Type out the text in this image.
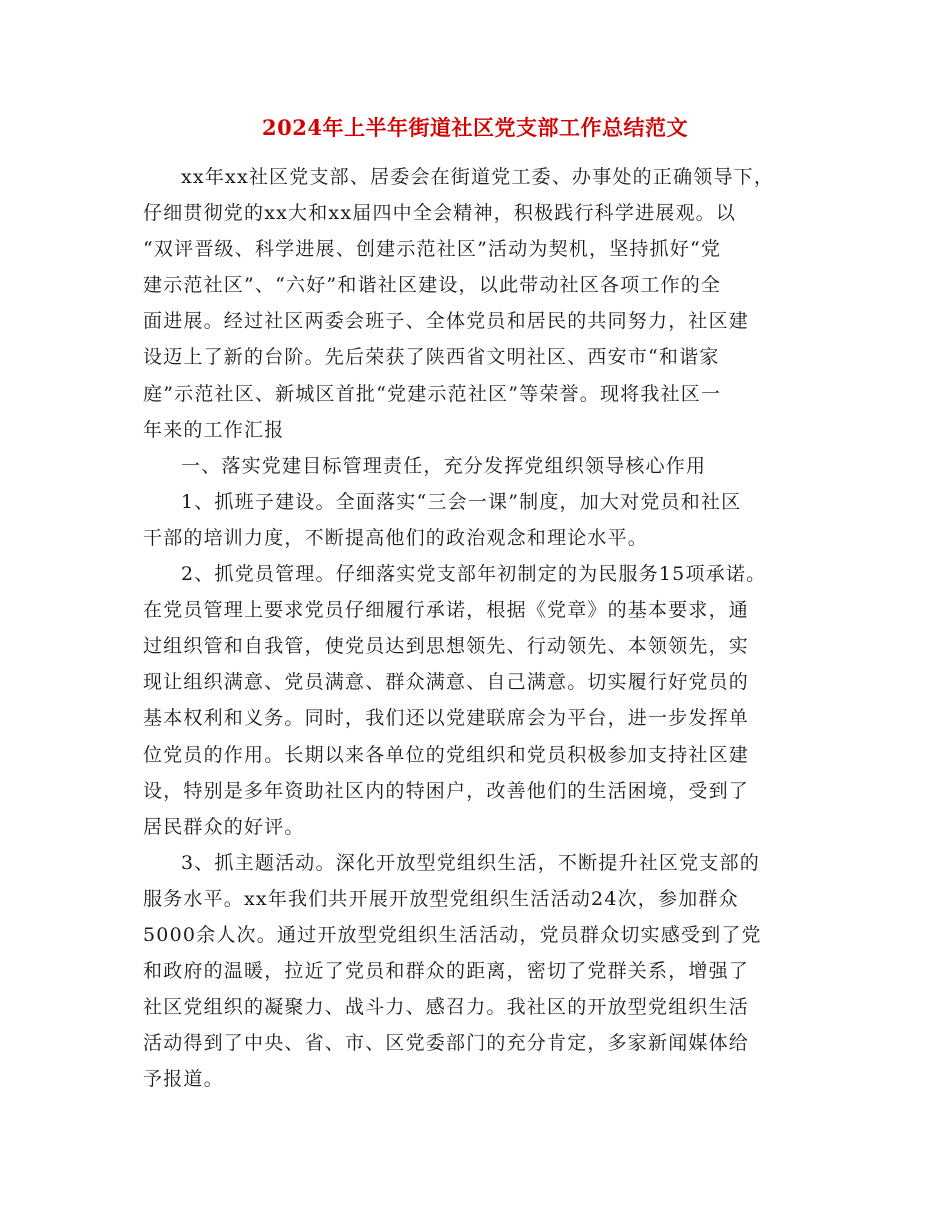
2024年上半年街道社区党支部工作总结范文
xx年xx社区党支部、居委会在街道党工委、办事处的正确领导下，
仔细贯彻党的xx大和xx届四中全会精神，积极践行科学进展观。以
“双评晋级、科学进展、创建示范社区”活动为契机，坚持抓好“党
建示范社区”、“六好”和谐社区建设，以此带动社区各项工作的全
面进展。经过社区两委会班子、全体党员和居民的共同努力，社区建
设迈上了新的台阶。先后荣获了陕西省文明社区、西安市“和谐家
庭”示范社区、新城区首批“党建示范社区”等荣誉。现将我社区一
年来的工作汇报
一、落实党建目标管理责任，充分发挥党组织领导核心作用
1、抓班子建设。全面落实“三会一课”制度，加大对党员和社区
干部的培训力度，不断提高他们的政治观念和理论水平。
2、抓党员管理。仔细落实党支部年初制定的为民服务15项承诺。
在党员管理上要求党员仔细履行承诺，根据《党章》的基本要求，通
过组织管和自我管，使党员达到思想领先、行动领先、本领领先，实
现让组织满意、党员满意、群众满意、自己满意。切实履行好党员的
基本权利和义务。同时，我们还以党建联席会为平台，进一步发挥单
位党员的作用。长期以来各单位的党组织和党员积极参加支持社区建
设，特别是多年资助社区内的特困户，改善他们的生活困境，受到了
居民群众的好评。
3、抓主题活动。深化开放型党组织生活，不断提升社区党支部的
服务水平。xx年我们共开展开放型党组织生活活动24次，参加群众
5000余人次。通过开放型党组织生活活动，党员群众切实感受到了党
和政府的温暖，拉近了党员和群众的距离，密切了党群关系，增强了
社区党组织的凝聚力、战斗力、感召力。我社区的开放型党组织生活
活动得到了中央、省、市、区党委部门的充分肯定，多家新闻媒体给
予报道。
